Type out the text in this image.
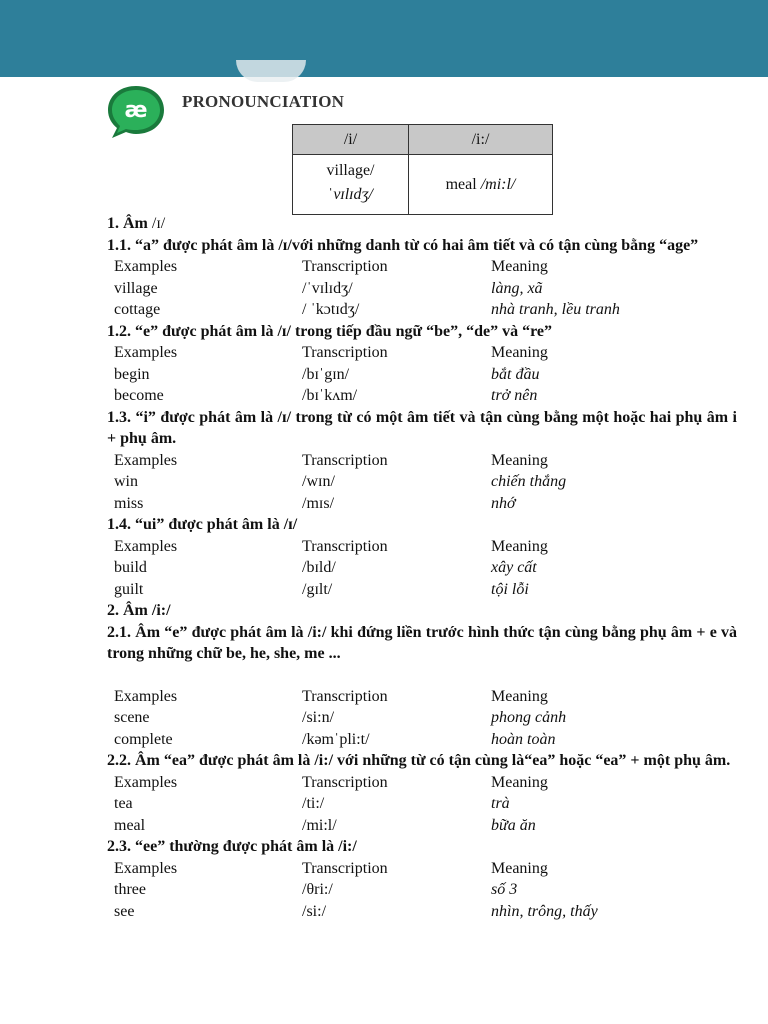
æ PRONOUNCIATION
/i/	/i:/

village/
ˈvɪlɪdʒ/	meal /mi:l/
1. Âm /ɪ/
1.1. “a” được phát âm là /ɪ/với những danh từ có hai âm tiết và có tận cùng bằng “age”
Examples	Transcription	Meaning
village	/ˈvɪlɪdʒ/	làng, xã
cottage	/ ˈkɔtɪdʒ/	nhà tranh, lều tranh
1.2. “e” được phát âm là /ɪ/ trong tiếp đầu ngữ “be”, “de” và “re”
Examples	Transcription	Meaning
begin	/bɪˈgɪn/	bắt đầu
become	/bɪˈkʌm/	trở nên
1.3. “i” được phát âm là /ɪ/ trong từ có một âm tiết và tận cùng bằng một hoặc hai phụ âm i + phụ âm.
Examples	Transcription	Meaning
win	/wɪn/	chiến thắng
miss	/mɪs/	nhớ
1.4. “ui” được phát âm là /ɪ/
Examples	Transcription	Meaning
build	/bɪld/	xây cất
guilt	/gɪlt/	tội lỗi
2. Âm /i:/
2.1. Âm “e” được phát âm là /i:/ khi đứng liền trước hình thức tận cùng bằng phụ âm + e và trong những chữ be, he, she, me ...
Examples	Transcription	Meaning
scene	/si:n/	phong cảnh
complete	/kəmˈpli:t/	hoàn toàn
2.2. Âm “ea” được phát âm là /i:/ với những từ có tận cùng là“ea” hoặc “ea” + một phụ âm.
Examples	Transcription	Meaning
tea	/ti:/	trà
meal	/mi:l/	bữa ăn
2.3. “ee” thường được phát âm là /i:/
Examples	Transcription	Meaning
three	/θri:/	số 3
see	/si:/	nhìn, trông, thấy
